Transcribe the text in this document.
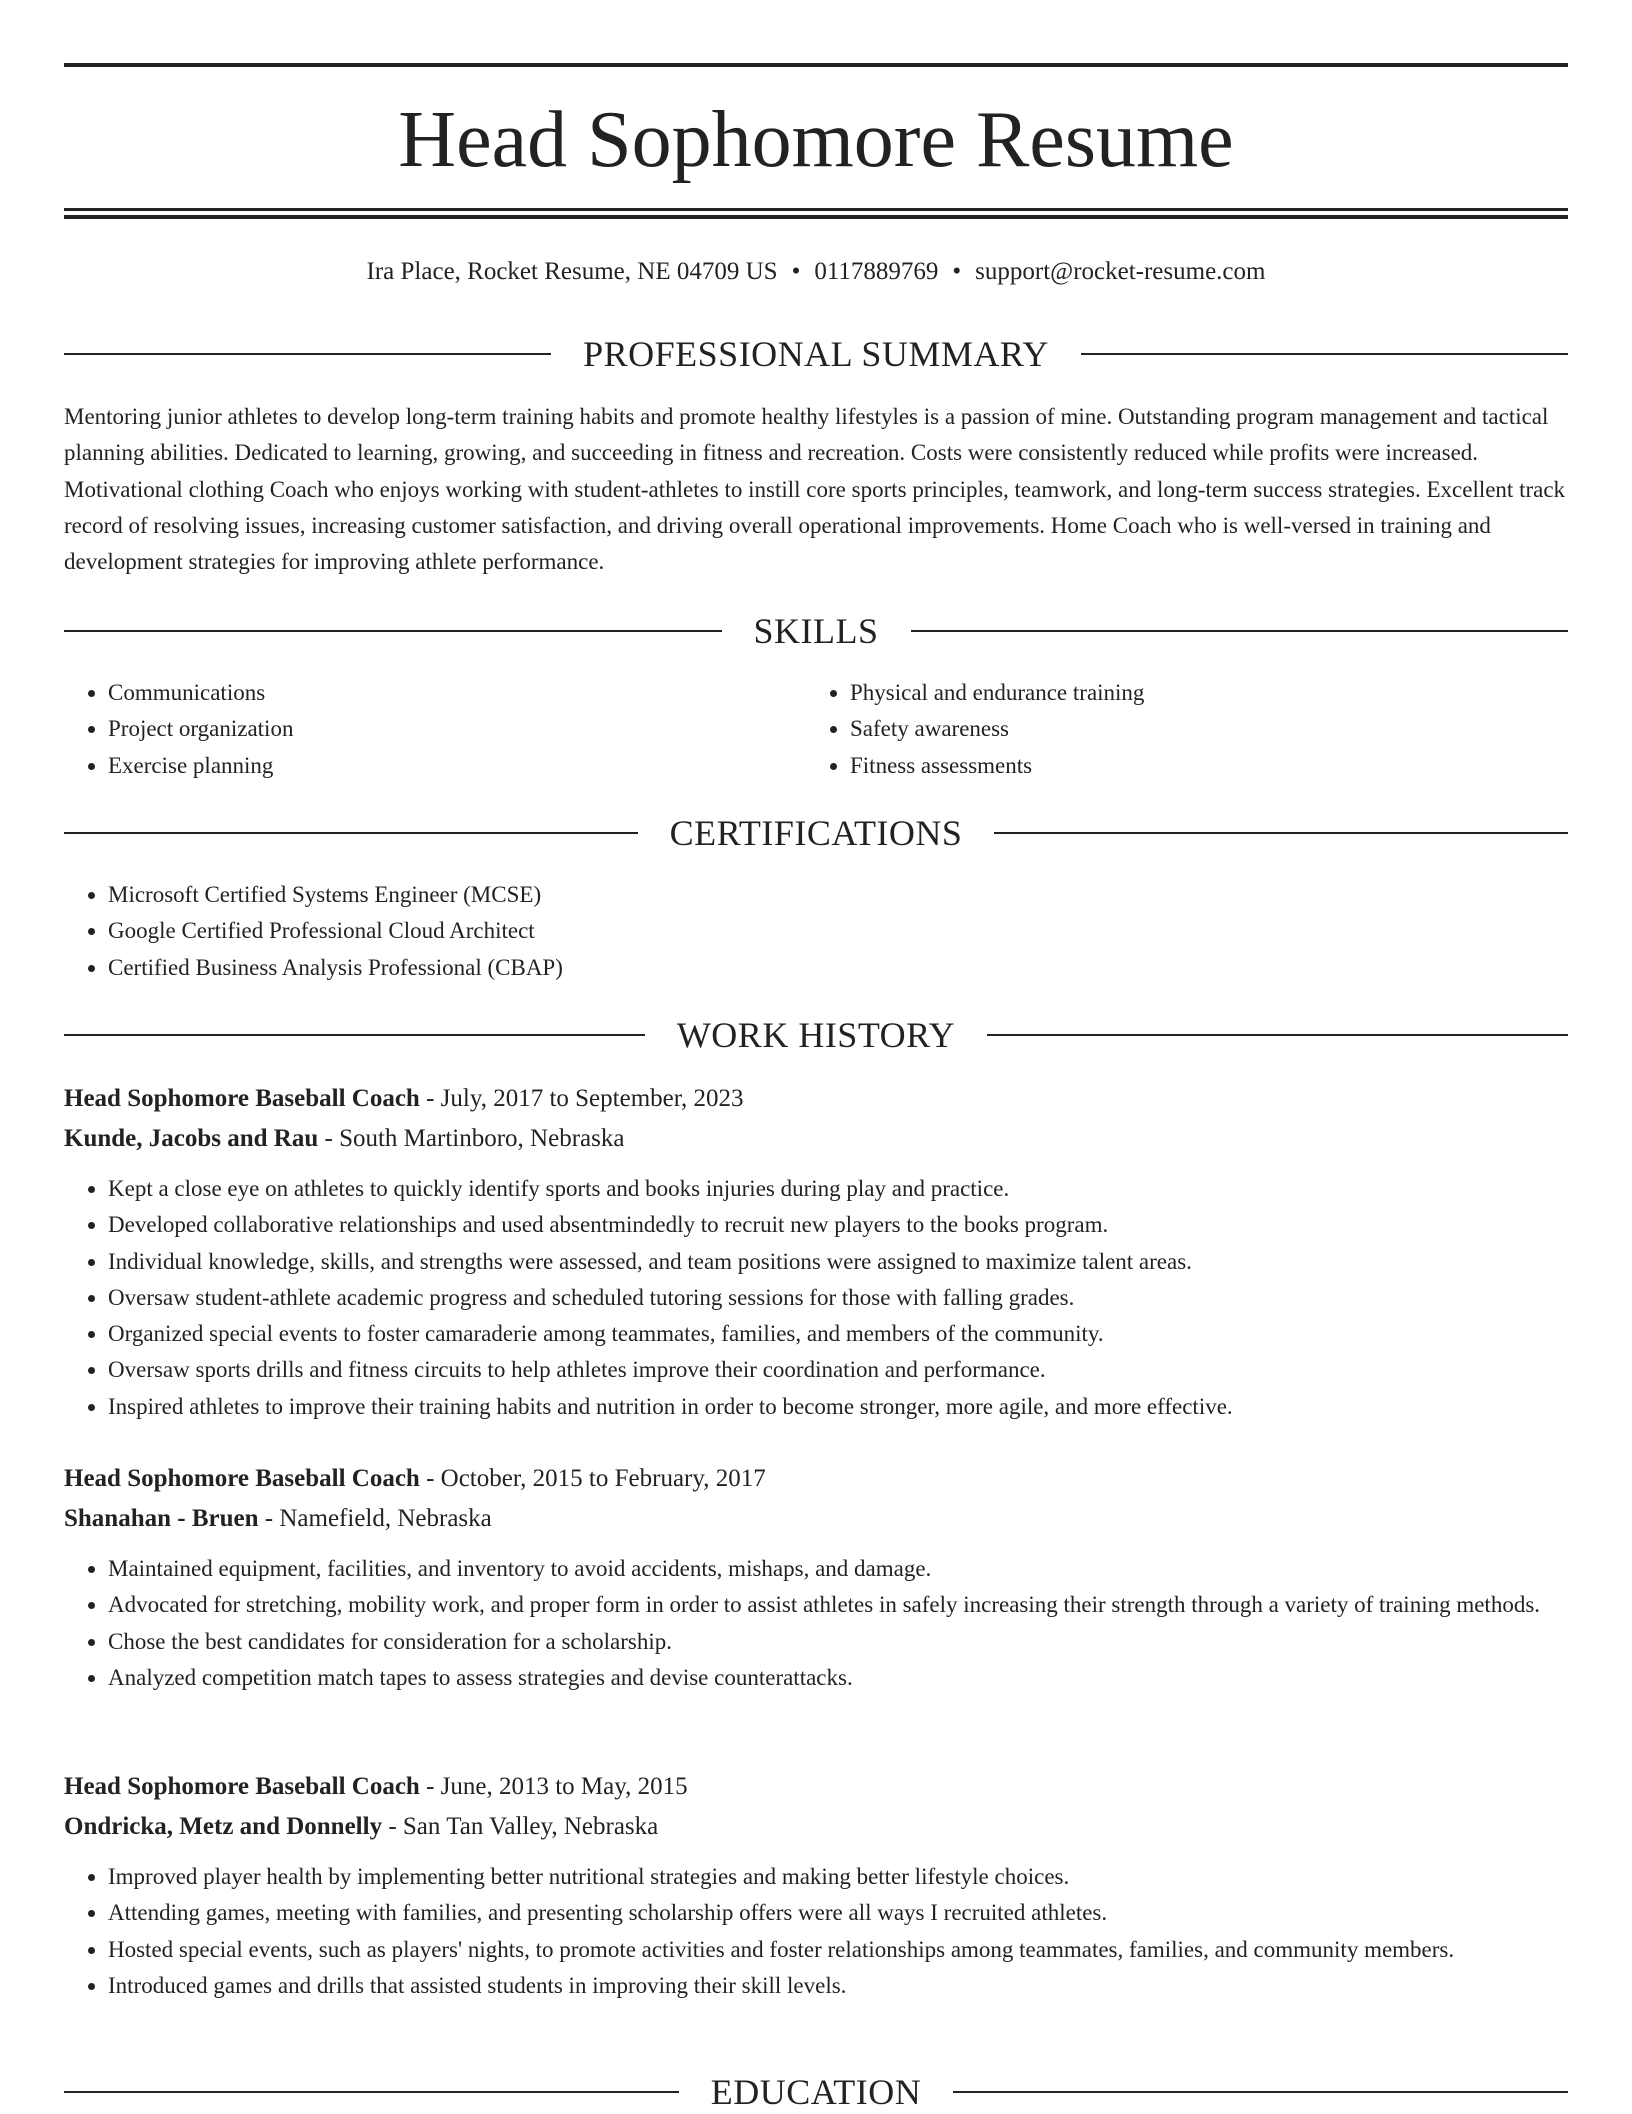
Head Sophomore Resume
Ira Place, Rocket Resume, NE 04709 US • 0117889769 • support@rocket-resume.com
PROFESSIONAL SUMMARY

Mentoring junior athletes to develop long-term training habits and promote healthy lifestyles is a passion of mine. Outstanding program management and tactical planning abilities. Dedicated to learning, growing, and succeeding in fitness and recreation. Costs were consistently reduced while profits were increased. Motivational clothing Coach who enjoys working with student-athletes to instill core sports principles, teamwork, and long-term success strategies. Excellent track record of resolving issues, increasing customer satisfaction, and driving overall operational improvements. Home Coach who is well-versed in training and development strategies for improving athlete performance.

SKILLS
• Communications
• Project organization
• Exercise planning
• Physical and endurance training
• Safety awareness
• Fitness assessments
CERTIFICATIONS
• Microsoft Certified Systems Engineer (MCSE)
• Google Certified Professional Cloud Architect
• Certified Business Analysis Professional (CBAP)
WORK HISTORY
Head Sophomore Baseball Coach - July, 2017 to September, 2023
Kunde, Jacobs and Rau - South Martinboro, Nebraska
• Kept a close eye on athletes to quickly identify sports and books injuries during play and practice.
• Developed collaborative relationships and used absentmindedly to recruit new players to the books program.
• Individual knowledge, skills, and strengths were assessed, and team positions were assigned to maximize talent areas.
• Oversaw student-athlete academic progress and scheduled tutoring sessions for those with falling grades.
• Organized special events to foster camaraderie among teammates, families, and members of the community.
• Oversaw sports drills and fitness circuits to help athletes improve their coordination and performance.
• Inspired athletes to improve their training habits and nutrition in order to become stronger, more agile, and more effective.
Head Sophomore Baseball Coach - October, 2015 to February, 2017
Shanahan - Bruen - Namefield, Nebraska
• Maintained equipment, facilities, and inventory to avoid accidents, mishaps, and damage.
• Advocated for stretching, mobility work, and proper form in order to assist athletes in safely increasing their strength through a variety of training methods.
• Chose the best candidates for consideration for a scholarship.
• Analyzed competition match tapes to assess strategies and devise counterattacks.
Head Sophomore Baseball Coach - June, 2013 to May, 2015
Ondricka, Metz and Donnelly - San Tan Valley, Nebraska
• Improved player health by implementing better nutritional strategies and making better lifestyle choices.
• Attending games, meeting with families, and presenting scholarship offers were all ways I recruited athletes.
• Hosted special events, such as players' nights, to promote activities and foster relationships among teammates, families, and community members.
• Introduced games and drills that assisted students in improving their skill levels.
EDUCATION
